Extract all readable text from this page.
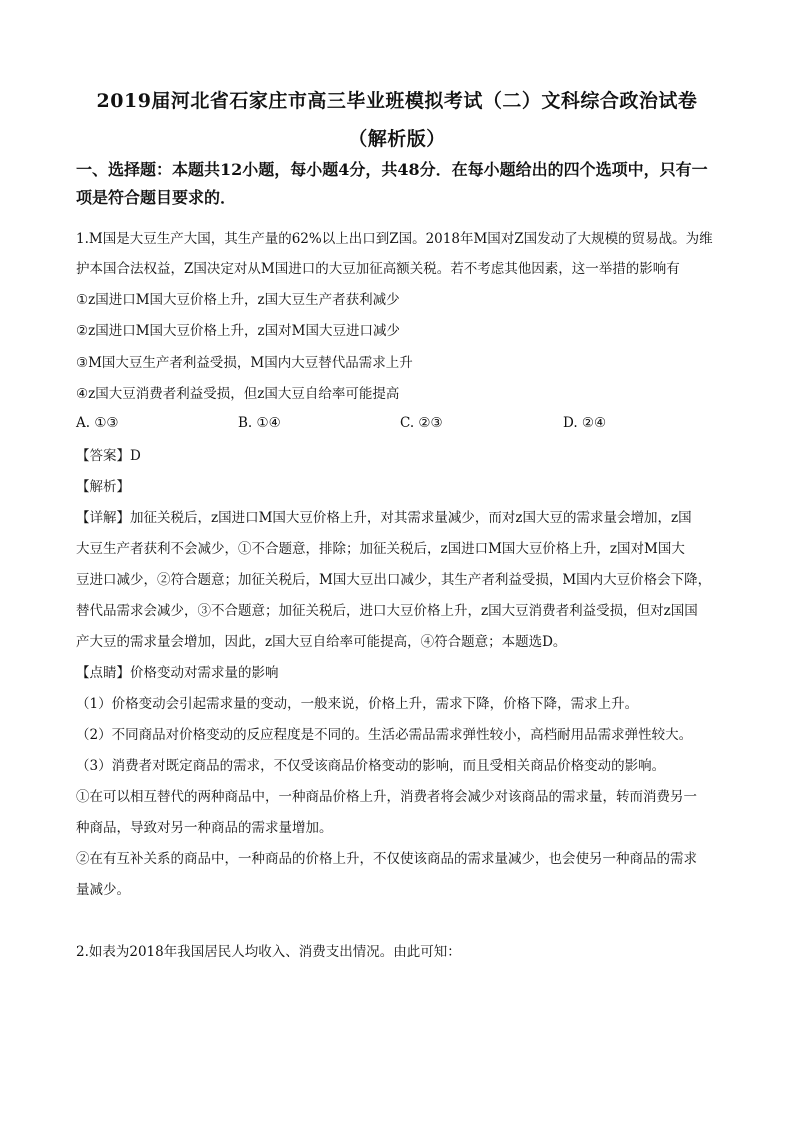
2019届河北省石家庄市高三毕业班模拟考试（二）文科综合政治试卷
（解析版）
一、选择题：本题共12小题，每小题4分，共48分．在每小题给出的四个选项中，只有一
项是符合题目要求的．
1.M国是大豆生产大国，其生产量的62%以上出口到Z国。2018年M国对Z国发动了大规模的贸易战。为维
护本国合法权益，Z国决定对从M国进口的大豆加征高额关税。若不考虑其他因素，这一举措的影响有
①z国进口M国大豆价格上升，z国大豆生产者获利减少
②z国进口M国大豆价格上升，z国对M国大豆进口减少
③M国大豆生产者利益受损，M国内大豆替代品需求上升
④z国大豆消费者利益受损，但z国大豆自给率可能提高
A. ①③	B. ①④	C. ②③	D. ②④
【答案】D
【解析】
【详解】加征关税后，z国进口M国大豆价格上升，对其需求量减少，而对z国大豆的需求量会增加，z国
大豆生产者获利不会减少，①不合题意，排除；加征关税后，z国进口M国大豆价格上升，z国对M国大
豆进口减少，②符合题意；加征关税后，M国大豆出口减少，其生产者利益受损，M国内大豆价格会下降，
替代品需求会减少，③不合题意；加征关税后，进口大豆价格上升，z国大豆消费者利益受损，但对z国国
产大豆的需求量会增加，因此，z国大豆自给率可能提高，④符合题意；本题选D。
【点睛】价格变动对需求量的影响
（1）价格变动会引起需求量的变动，一般来说，价格上升，需求下降，价格下降，需求上升。
（2）不同商品对价格变动的反应程度是不同的。生活必需品需求弹性较小，高档耐用品需求弹性较大。
（3）消费者对既定商品的需求，不仅受该商品价格变动的影响，而且受相关商品价格变动的影响。
①在可以相互替代的两种商品中，一种商品价格上升，消费者将会减少对该商品的需求量，转而消费另一
种商品，导致对另一种商品的需求量增加。
②在有互补关系的商品中，一种商品的价格上升，不仅使该商品的需求量减少，也会使另一种商品的需求
量减少。
2.如表为2018年我国居民人均收入、消费支出情况。由此可知：
